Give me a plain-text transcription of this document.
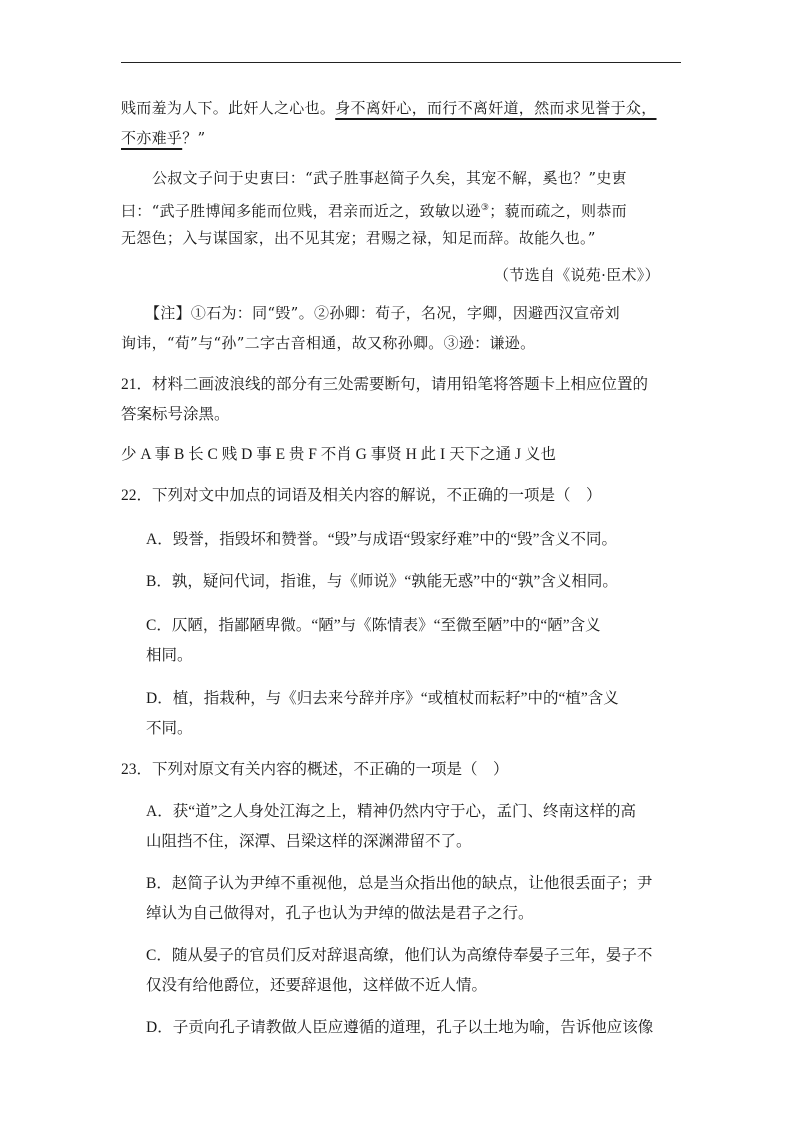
贱而羞为人下。此奸人之心也。身不离奸心，而行不离奸道，然而求见誉于众，
不亦难乎？”
公叔文子问于史叀曰：“武子胜事赵简子久矣，其宠不解，奚也？”史叀
曰：“武子胜博闻多能而位贱，君亲而近之，致敏以逊③；藐而疏之，则恭而
无怨色；入与谋国家，出不见其宠；君赐之禄，知足而辞。故能久也。”
（节选自《说苑·臣术》）
【注】①石为：同“毁”。②孙卿：荀子，名况，字卿，因避西汉宣帝刘
询讳，“荀”与“孙”二字古音相通，故又称孙卿。③逊：谦逊。
21．材料二画波浪线的部分有三处需要断句，请用铅笔将答题卡上相应位置的
答案标号涂黑。
少 A 事 B 长 C 贱 D 事 E 贵 F 不肖 G 事贤 H 此 I 天下之通 J 义也
22．下列对文中加点的词语及相关内容的解说，不正确的一项是（　）
A．毁誉，指毁坏和赞誉。“毁”与成语“毁家纾难”中的“毁”含义不同。
B．孰，疑问代词，指谁，与《师说》“孰能无惑”中的“孰”含义相同。
C．仄陋，指鄙陋卑微。“陋”与《陈情表》“至微至陋”中的“陋”含义
相同。
D．植，指栽种，与《归去来兮辞并序》“或植杖而耘耔”中的“植”含义
不同。
23．下列对原文有关内容的概述，不正确的一项是（　）
A．获“道”之人身处江海之上，精神仍然内守于心，孟门、终南这样的高
山阻挡不住，深潭、吕梁这样的深渊滞留不了。
B．赵简子认为尹绰不重视他，总是当众指出他的缺点，让他很丢面子；尹
绰认为自己做得对，孔子也认为尹绰的做法是君子之行。
C．随从晏子的官员们反对辞退高缭，他们认为高缭侍奉晏子三年，晏子不
仅没有给他爵位，还要辞退他，这样做不近人情。
D．子贡向孔子请教做人臣应遵循的道理，孔子以土地为喻，告诉他应该像
